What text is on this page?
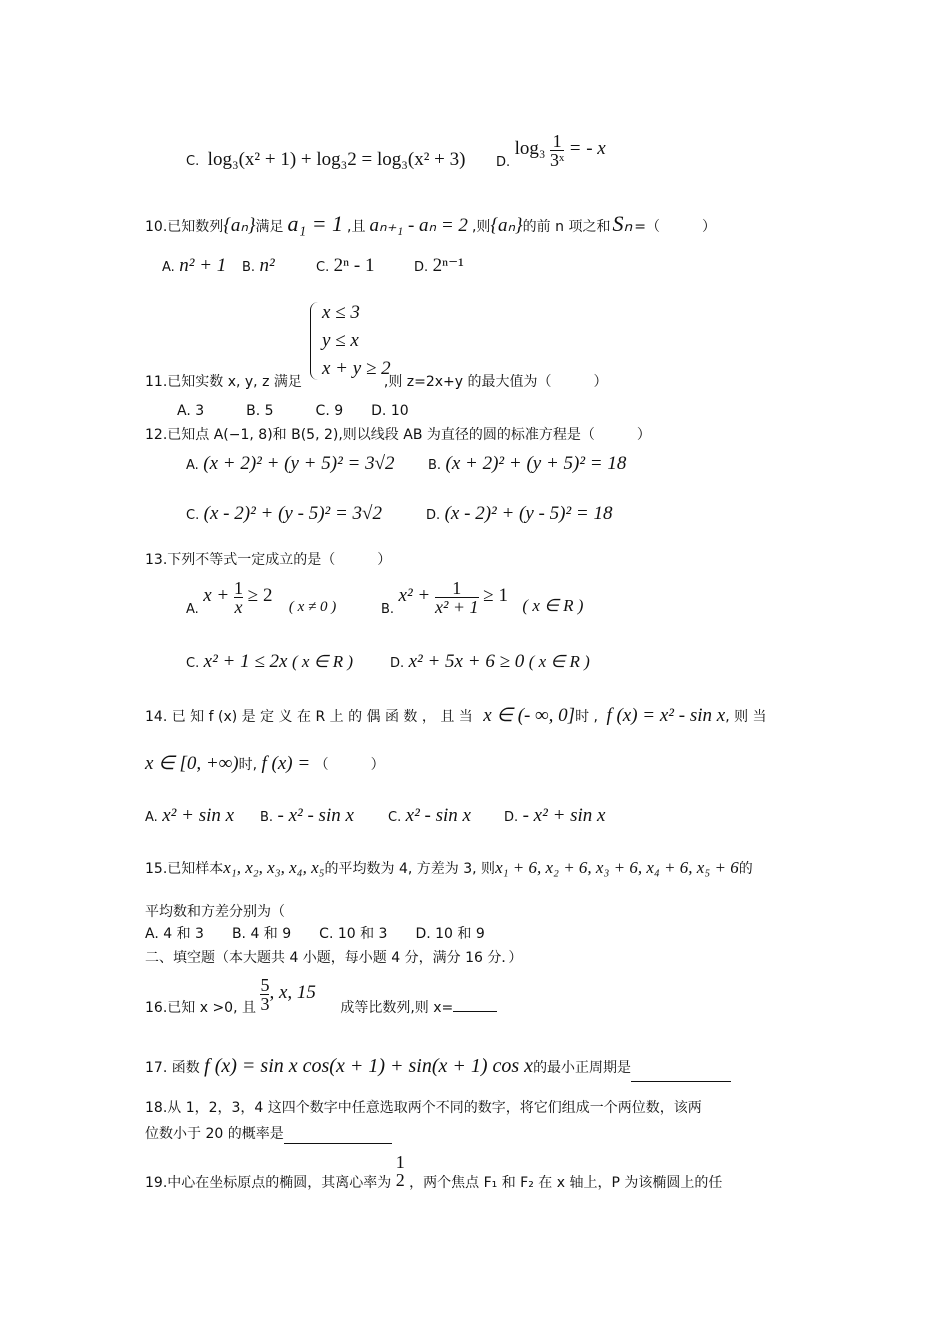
C. log₃(x² + 1) + log₃2 = log₃(x² + 3) D. $\log_3 \frac{1}{\text{3ˣ}}$ = - x
10.已知数列{aₙ}满足 a₁ = 1 ,且 aₙ₊₁ - aₙ = 2 ,则{aₙ}的前 n 项之和Sₙ =（　　　）
A. n² + 1 B. n²	C. 2ⁿ - 1	D. 2ⁿ⁻¹
x ≤ 3
y ≤ x
x + y ≥ 2
11.已知实数 x, y, z 满足	,则 z=2x+y 的最大值为（　　　）
A. 3　　　B. 5　　　C. 9　　D. 10
12.已知点 A(−1, 8)和 B(5, 2),则以线段 AB 为直径的圆的标准方程是（　　　）
A. (x + 2)² + (y + 5)² = 3√2	B. (x + 2)² + (y + 5)² = 18
C. (x - 2)² + (y - 5)² = 3√2	D. (x - 2)² + (y - 5)² = 18
13.下列不等式一定成立的是（　　　）
A. $x + \frac{1}{x} \ge 2$ ( x ≠ 0 )	B. $x^2 + \frac{1}{\text{x² + 1}} \ge 1$ ( x ∈ R )
C. x² + 1 ≤ 2x ( x ∈ R )	D. x² + 5x + 6 ≥ 0 ( x ∈ R )
14. 已 知 f (x) 是 定 义 在 R 上 的 偶 函 数 ， 且 当 x ∈ (- ∞, 0]时 , f (x) = x² - sin x, 则 当
x ∈ [0, +∞)时, f (x) = （　　　）
A. x² + sin x B. - x² - sin x	C. x² - sin x	D. - x² + sin x
15.已知样本x₁, x₂, x₃, x₄, x₅的平均数为 4, 方差为 3, 则x₁ + 6, x₂ + 6, x₃ + 6, x₄ + 6, x₅ + 6的
平均数和方差分别为（
A. 4 和 3　　B. 4 和 9　　C. 10 和 3　　D. 10 和 9
二、填空题（本大题共 4 小题，每小题 4 分，满分 16 分．）
16.已知 x >0, 且 $\frac{5}{3}$ , x, 15 成等比数列,则 x=
17. 函数 f (x) = sin x cos(x + 1) + sin(x + 1) cos x的最小正周期是
18.从 1，2，3，4 这四个数字中任意选取两个不同的数字，将它们组成一个两位数，该两
位数小于 20 的概率是
19.中心在坐标原点的椭圆，其离心率为
1
2 ，两个焦点 F₁ 和 F₂ 在 x 轴上，P 为该椭圆上的任
